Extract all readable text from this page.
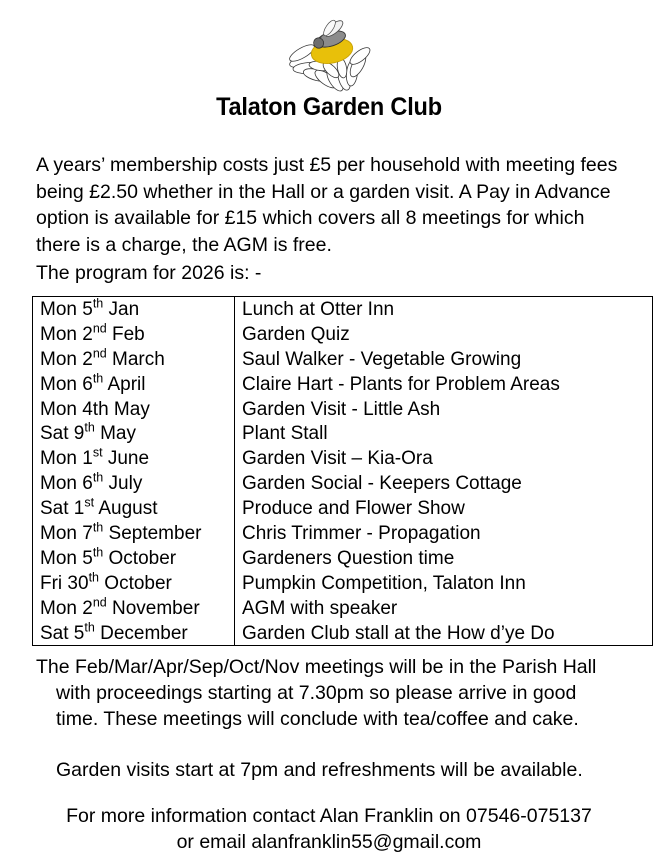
Talaton Garden Club
A years’ membership costs just £5 per household with meeting fees being £2.50 whether in the Hall or a garden visit. A Pay in Advance option is available for £15 which covers all 8 meetings for which there is a charge, the AGM is free.
The program for 2026 is: -
Mon 5th Jan	Lunch at Otter Inn
Mon 2nd Feb	Garden Quiz
Mon 2nd March	Saul Walker - Vegetable Growing
Mon 6th April	Claire Hart - Plants for Problem Areas
Mon 4th May	Garden Visit - Little Ash
Sat 9th May	Plant Stall
Mon 1st June	Garden Visit – Kia-Ora
Mon 6th July	Garden Social - Keepers Cottage
Sat 1st August	Produce and Flower Show
Mon 7th September	Chris Trimmer - Propagation
Mon 5th October	Gardeners Question time
Fri 30th October	Pumpkin Competition, Talaton Inn
Mon 2nd November	AGM with speaker
Sat 5th December	Garden Club stall at the How d’ye Do
The Feb/Mar/Apr/Sep/Oct/Nov meetings will be in the Parish Hall
with proceedings starting at 7.30pm so please arrive in good
time. These meetings will conclude with tea/coffee and cake.
Garden visits start at 7pm and refreshments will be available.
For more information contact Alan Franklin on 07546-075137
or email alanfranklin55@gmail.com
